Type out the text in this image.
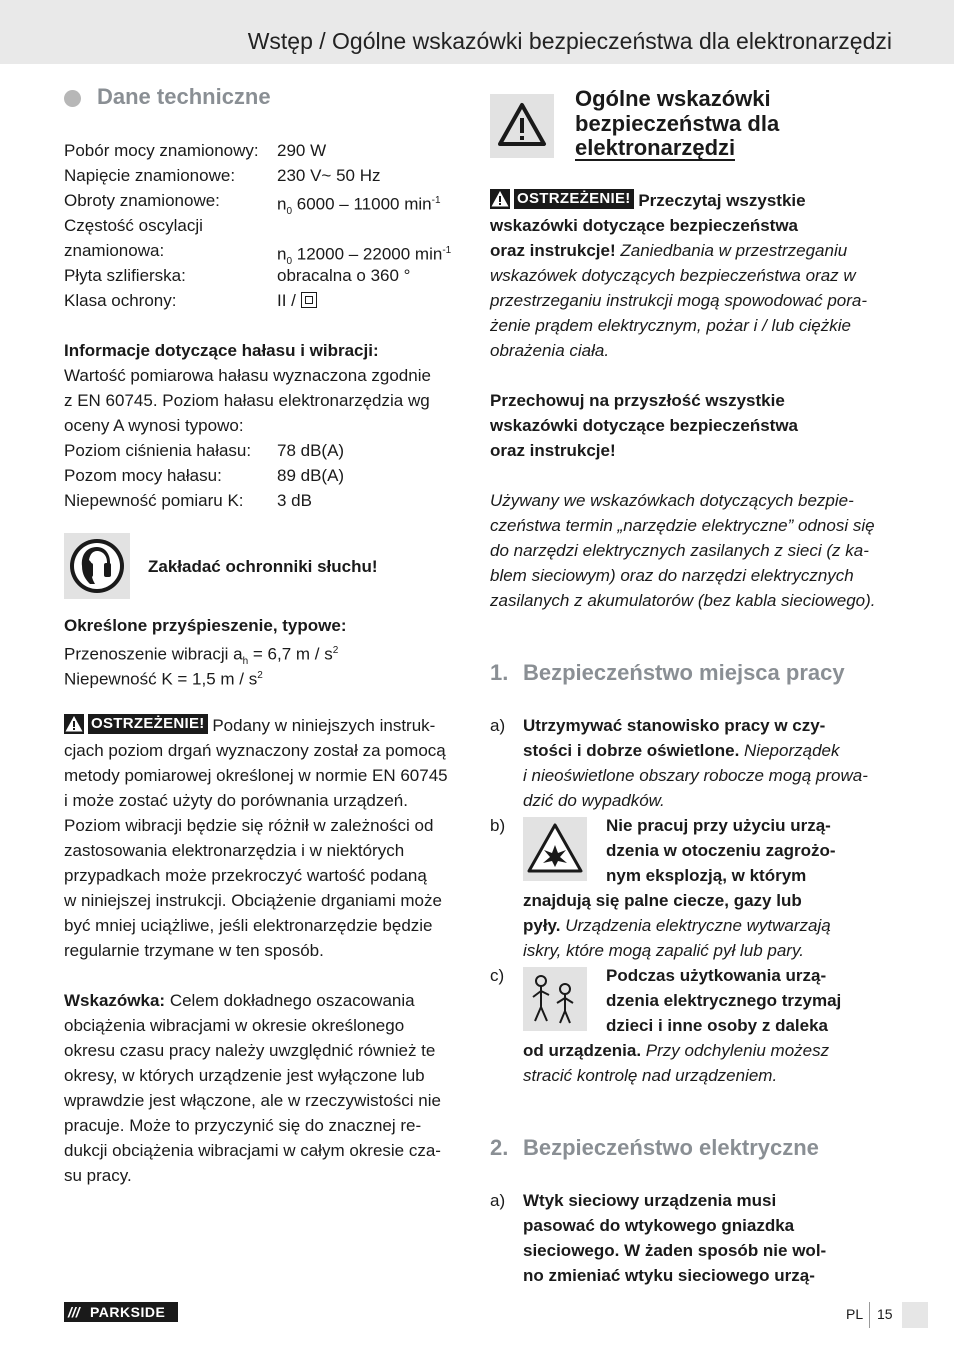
Wstęp / Ogólne wskazówki bezpieczeństwa dla elektronarzędzi
Dane techniczne
Pobór mocy znamionowy: 290 W
Napięcie znamionowe: 230 V~ 50 Hz
Obroty znamionowe:	$n_0$ 6000 – 11000 $\min^{-1}$
Częstość oscylacji
znamionowa:	$n_0$ 12000 – 22000 $\min^{-1}$
Płyta szlifierska:	obracalna o 360 °
Klasa ochrony:	II /
Informacje dotyczące hałasu i wibracji:
Wartość pomiarowa hałasu wyznaczona zgodnie
z EN 60745. Poziom hałasu elektronarzędzia wg
oceny A wynosi typowo:
Poziom ciśnienia hałasu: 78 dB(A)
Pozom mocy hałasu:	89 dB(A)
Niepewność pomiaru K: 3 dB
Zakładać ochronniki słuchu!
Określone przyśpieszenie, typowe:
Przenoszenie wibracji $a_h = 6,7$ m / $s^2$
Niepewność K = 1,5 m / $s^2$
OSTRZEŻENIE! Podany w niniejszych instruk-
cjach poziom drgań wyznaczony został za pomocą
metody pomiarowej określonej w normie EN 60745
i może zostać użyty do porównania urządzeń.
Poziom wibracji będzie się różnił w zależności od
zastosowania elektronarzędzia i w niektórych
przypadkach może przekroczyć wartość podaną
w niniejszej instrukcji. Obciążenie drganiami może
być mniej uciążliwe, jeśli elektronarzędzie będzie
regularnie trzymane w ten sposób.
Wskazówka: Celem dokładnego oszacowania
obciążenia wibracjami w okresie określonego
okresu czasu pracy należy uwzględnić również te
okresy, w których urządzenie jest wyłączone lub
wprawdzie jest włączone, ale w rzeczywistości nie
pracuje. Może to przyczynić się do znacznej re-
dukcji obciążenia wibracjami w całym okresie cza-
su pracy.
Ogólne wskazówki
bezpieczeństwa dla
elektronarzędzi
OSTRZEŻENIE! Przeczytaj wszystkie
wskazówki dotyczące bezpieczeństwa
oraz instrukcje! Zaniedbania w przestrzeganiu
wskazówek dotyczących bezpieczeństwa oraz w
przestrzeganiu instrukcji mogą spowodować pora-
żenie prądem elektrycznym, pożar i / lub ciężkie
obrażenia ciała.
Przechowuj na przyszłość wszystkie
wskazówki dotyczące bezpieczeństwa
oraz instrukcje!
Używany we wskazówkach dotyczących bezpie-
czeństwa termin „narzędzie elektryczne” odnosi się
do narzędzi elektrycznych zasilanych z sieci (z ka-
blem sieciowym) oraz do narzędzi elektrycznych
zasilanych z akumulatorów (bez kabla sieciowego).
1. Bezpieczeństwo miejsca pracy
a) Utrzymywać stanowisko pracy w czy-
stości i dobrze oświetlone. Nieporządek
i nieoświetlone obszary robocze mogą prowa-
dzić do wypadków.
b)	Nie pracuj przy użyciu urzą-
dzenia w otoczeniu zagrożo-
nym eksplozją, w którym
znajdują się palne ciecze, gazy lub
pyły. Urządzenia elektryczne wytwarzają
iskry, które mogą zapalić pył lub pary.
c)	Podczas użytkowania urzą-
dzenia elektrycznego trzymaj
dzieci i inne osoby z daleka
od urządzenia. Przy odchyleniu możesz
stracić kontrolę nad urządzeniem.
2. Bezpieczeństwo elektryczne
a) Wtyk sieciowy urządzenia musi
pasować do wtykowego gniazdka
sieciowego. W żaden sposób nie wol-
no zmieniać wtyku sieciowego urzą-
/// PARKSIDE	PL 15
